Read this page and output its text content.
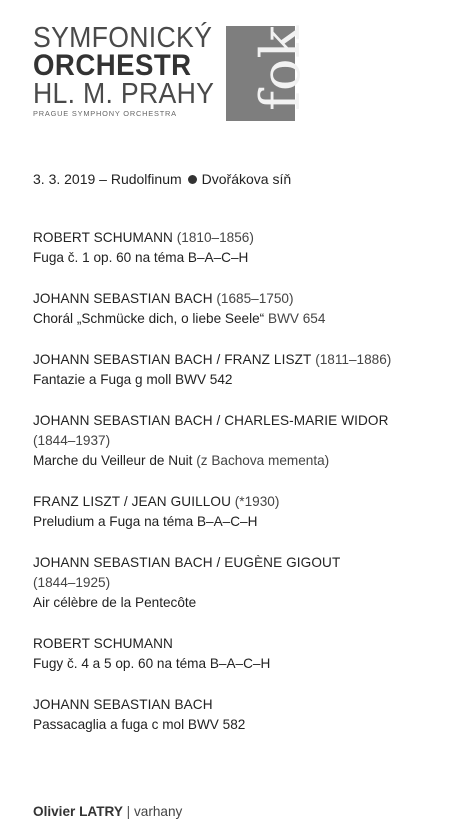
SYMFONICKÝ
ORCHESTR
HL. M. PRAHY
PRAGUE SYMPHONY ORCHESTRA
fok
3. 3. 2019 – Rudolfinum Dvořákova síň
ROBERT SCHUMANN (1810–1856)
Fuga č. 1 op. 60 na téma B–A–C–H
JOHANN SEBASTIAN BACH (1685–1750)
Chorál „Schmücke dich, o liebe Seele“ BWV 654
JOHANN SEBASTIAN BACH / FRANZ LISZT (1811–1886)
Fantazie a Fuga g moll BWV 542
JOHANN SEBASTIAN BACH / CHARLES-MARIE WIDOR
(1844–1937)
Marche du Veilleur de Nuit (z Bachova mementa)
FRANZ LISZT / JEAN GUILLOU (*1930)
Preludium a Fuga na téma B–A–C–H
JOHANN SEBASTIAN BACH / EUGÈNE GIGOUT
(1844–1925)
Air célèbre de la Pentecôte
ROBERT SCHUMANN
Fugy č. 4 a 5 op. 60 na téma B–A–C–H
JOHANN SEBASTIAN BACH
Passacaglia a fuga c mol BWV 582
Olivier LATRY | varhany
